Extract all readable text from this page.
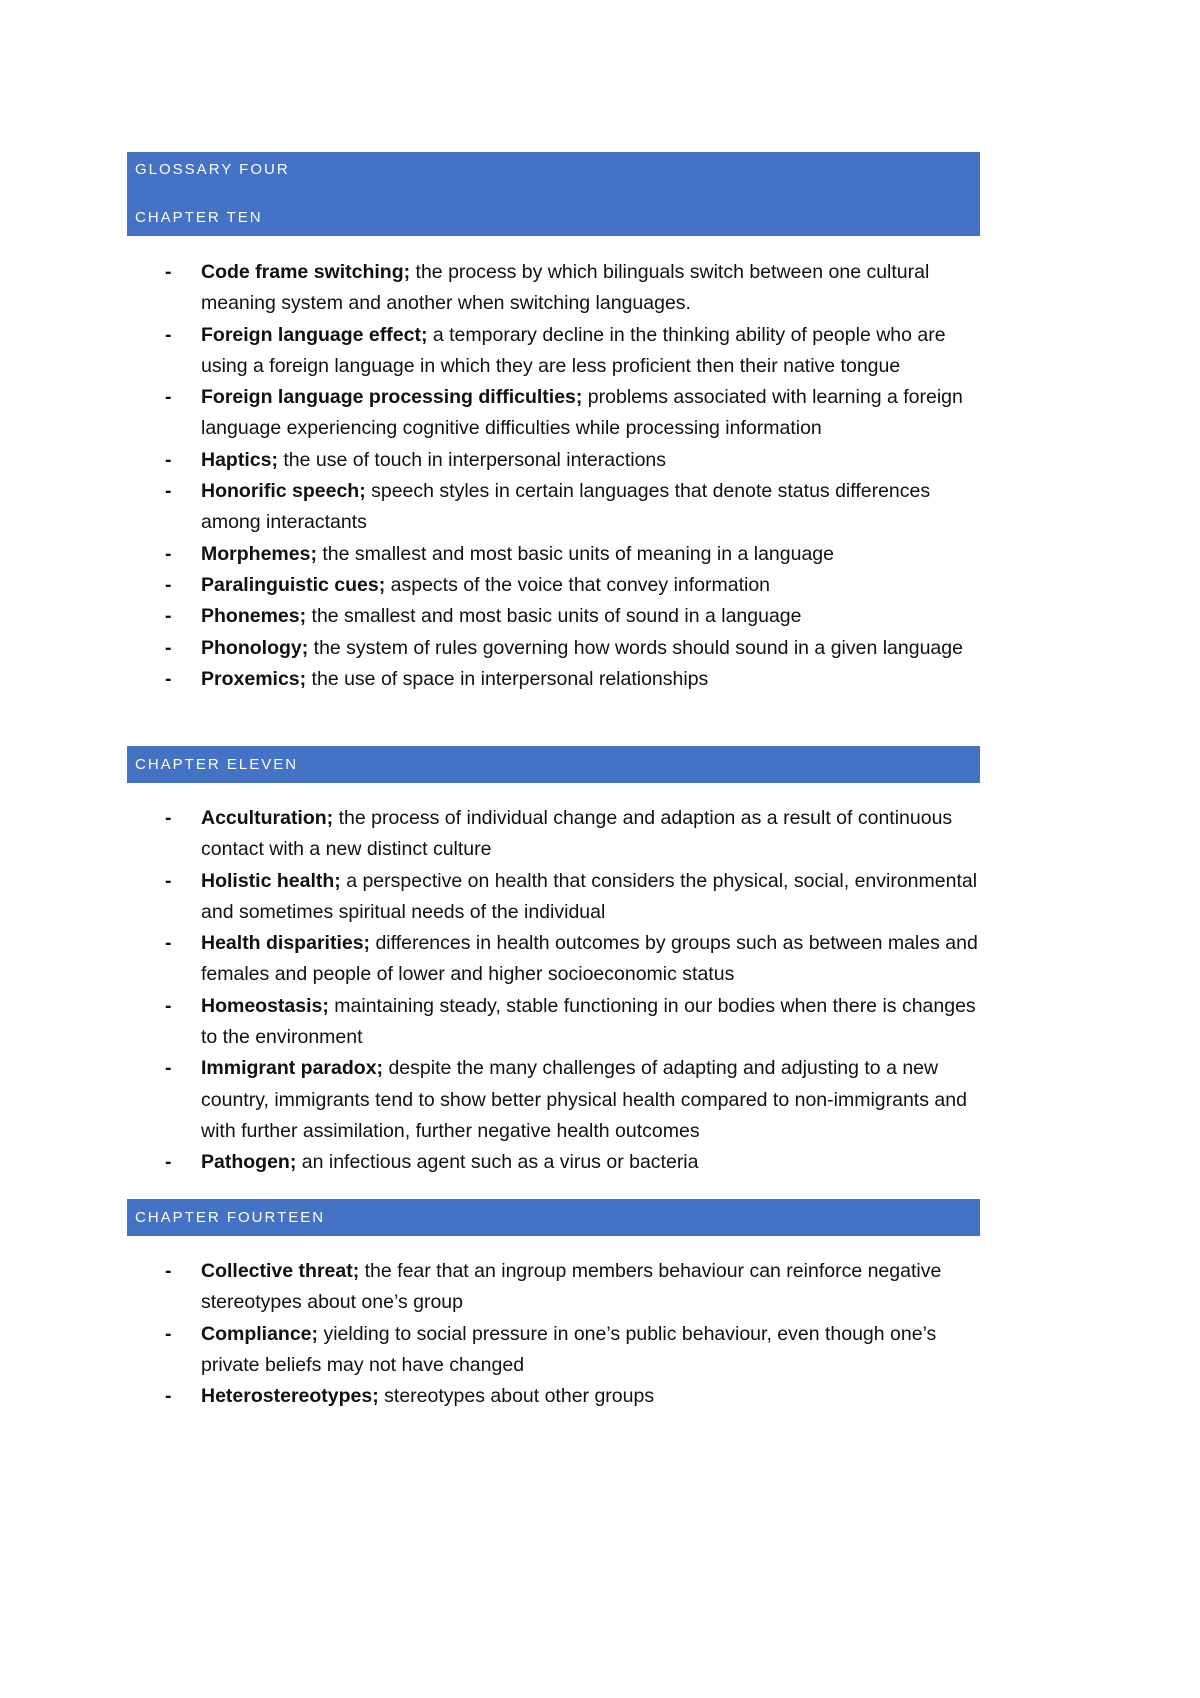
GLOSSARY FOUR
CHAPTER TEN
- Code frame switching; the process by which bilinguals switch between one cultural meaning system and another when switching languages.
- Foreign language effect; a temporary decline in the thinking ability of people who are using a foreign language in which they are less proficient then their native tongue
- Foreign language processing difficulties; problems associated with learning a foreign language experiencing cognitive difficulties while processing information
- Haptics; the use of touch in interpersonal interactions
- Honorific speech; speech styles in certain languages that denote status differences among interactants
- Morphemes; the smallest and most basic units of meaning in a language
- Paralinguistic cues; aspects of the voice that convey information
- Phonemes; the smallest and most basic units of sound in a language
- Phonology; the system of rules governing how words should sound in a given language
- Proxemics; the use of space in interpersonal relationships
CHAPTER ELEVEN
- Acculturation; the process of individual change and adaption as a result of continuous contact with a new distinct culture
- Holistic health; a perspective on health that considers the physical, social, environmental and sometimes spiritual needs of the individual
- Health disparities; differences in health outcomes by groups such as between males and females and people of lower and higher socioeconomic status
- Homeostasis; maintaining steady, stable functioning in our bodies when there is changes to the environment
- Immigrant paradox; despite the many challenges of adapting and adjusting to a new country, immigrants tend to show better physical health compared to non-immigrants and with further assimilation, further negative health outcomes
- Pathogen; an infectious agent such as a virus or bacteria
CHAPTER FOURTEEN
- Collective threat; the fear that an ingroup members behaviour can reinforce negative stereotypes about one’s group
- Compliance; yielding to social pressure in one’s public behaviour, even though one’s private beliefs may not have changed
- Heterostereotypes; stereotypes about other groups
